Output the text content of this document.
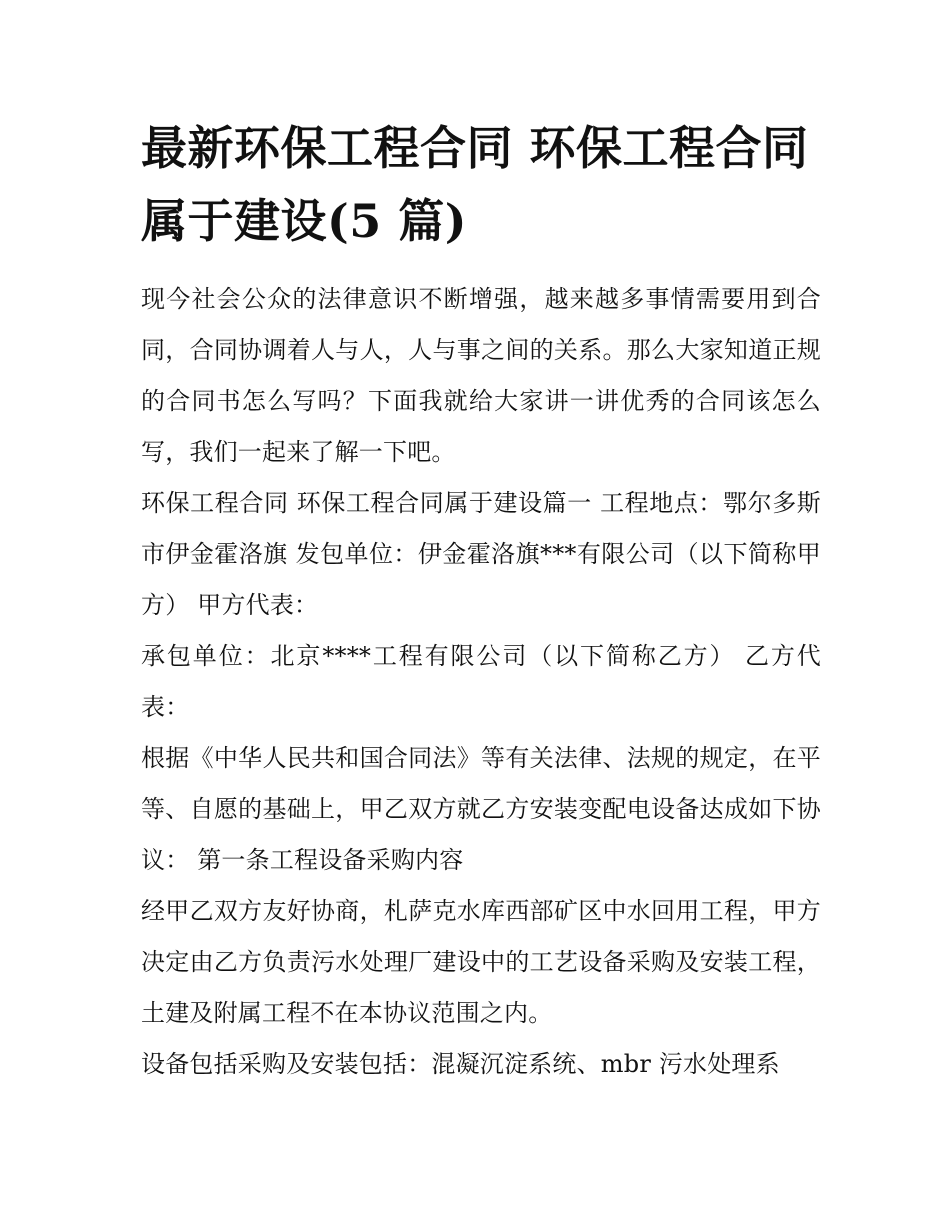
最新环保工程合同 环保工程合同属于建设(5 篇)

现今社会公众的法律意识不断增强，越来越多事情需要用到合同，合同协调着人与人，人与事之间的关系。那么大家知道正规的合同书怎么写吗？下面我就给大家讲一讲优秀的合同该怎么写，我们一起来了解一下吧。

环保工程合同 环保工程合同属于建设篇一 工程地点：鄂尔多斯市伊金霍洛旗 发包单位：伊金霍洛旗***有限公司（以下简称甲方） 甲方代表：

承包单位：北京****工程有限公司（以下简称乙方） 乙方代表：

根据《中华人民共和国合同法》等有关法律、法规的规定，在平等、自愿的基础上，甲乙双方就乙方安装变配电设备达成如下协议： 第一条工程设备采购内容

经甲乙双方友好协商，札萨克水库西部矿区中水回用工程，甲方决定由乙方负责污水处理厂建设中的工艺设备采购及安装工程，土建及附属工程不在本协议范围之内。

设备包括采购及安装包括：混凝沉淀系统、mbr 污水处理系
